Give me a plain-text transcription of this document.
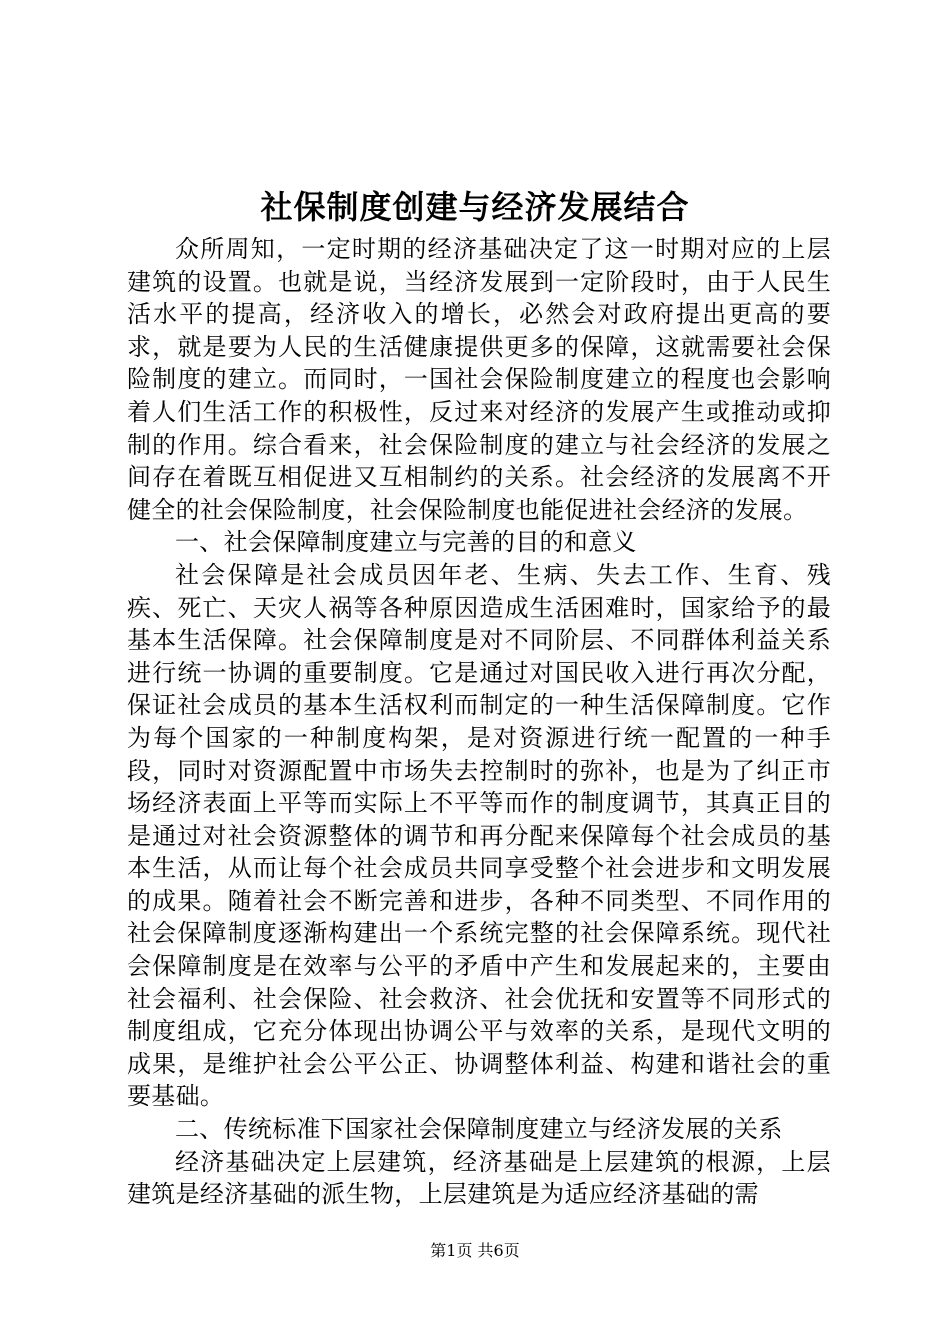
社保制度创建与经济发展结合

众所周知，一定时期的经济基础决定了这一时期对应的上层建筑的设置。也就是说，当经济发展到一定阶段时，由于人民生活水平的提高，经济收入的增长，必然会对政府提出更高的要求，就是要为人民的生活健康提供更多的保障，这就需要社会保险制度的建立。而同时，一国社会保险制度建立的程度也会影响着人们生活工作的积极性，反过来对经济的发展产生或推动或抑制的作用。综合看来，社会保险制度的建立与社会经济的发展之间存在着既互相促进又互相制约的关系。社会经济的发展离不开健全的社会保险制度，社会保险制度也能促进社会经济的发展。

一、社会保障制度建立与完善的目的和意义

社会保障是社会成员因年老、生病、失去工作、生育、残疾、死亡、天灾人祸等各种原因造成生活困难时，国家给予的最基本生活保障。社会保障制度是对不同阶层、不同群体利益关系进行统一协调的重要制度。它是通过对国民收入进行再次分配，保证社会成员的基本生活权利而制定的一种生活保障制度。它作为每个国家的一种制度构架，是对资源进行统一配置的一种手段，同时对资源配置中市场失去控制时的弥补，也是为了纠正市场经济表面上平等而实际上不平等而作的制度调节，其真正目的是通过对社会资源整体的调节和再分配来保障每个社会成员的基本生活，从而让每个社会成员共同享受整个社会进步和文明发展的成果。随着社会不断完善和进步，各种不同类型、不同作用的社会保障制度逐渐构建出一个系统完整的社会保障系统。现代社会保障制度是在效率与公平的矛盾中产生和发展起来的，主要由社会福利、社会保险、社会救济、社会优抚和安置等不同形式的制度组成，它充分体现出协调公平与效率的关系，是现代文明的成果，是维护社会公平公正、协调整体利益、构建和谐社会的重要基础。

二、传统标准下国家社会保障制度建立与经济发展的关系

经济基础决定上层建筑，经济基础是上层建筑的根源，上层建筑是经济基础的派生物，上层建筑是为适应经济基础的需

第1页 共6页
